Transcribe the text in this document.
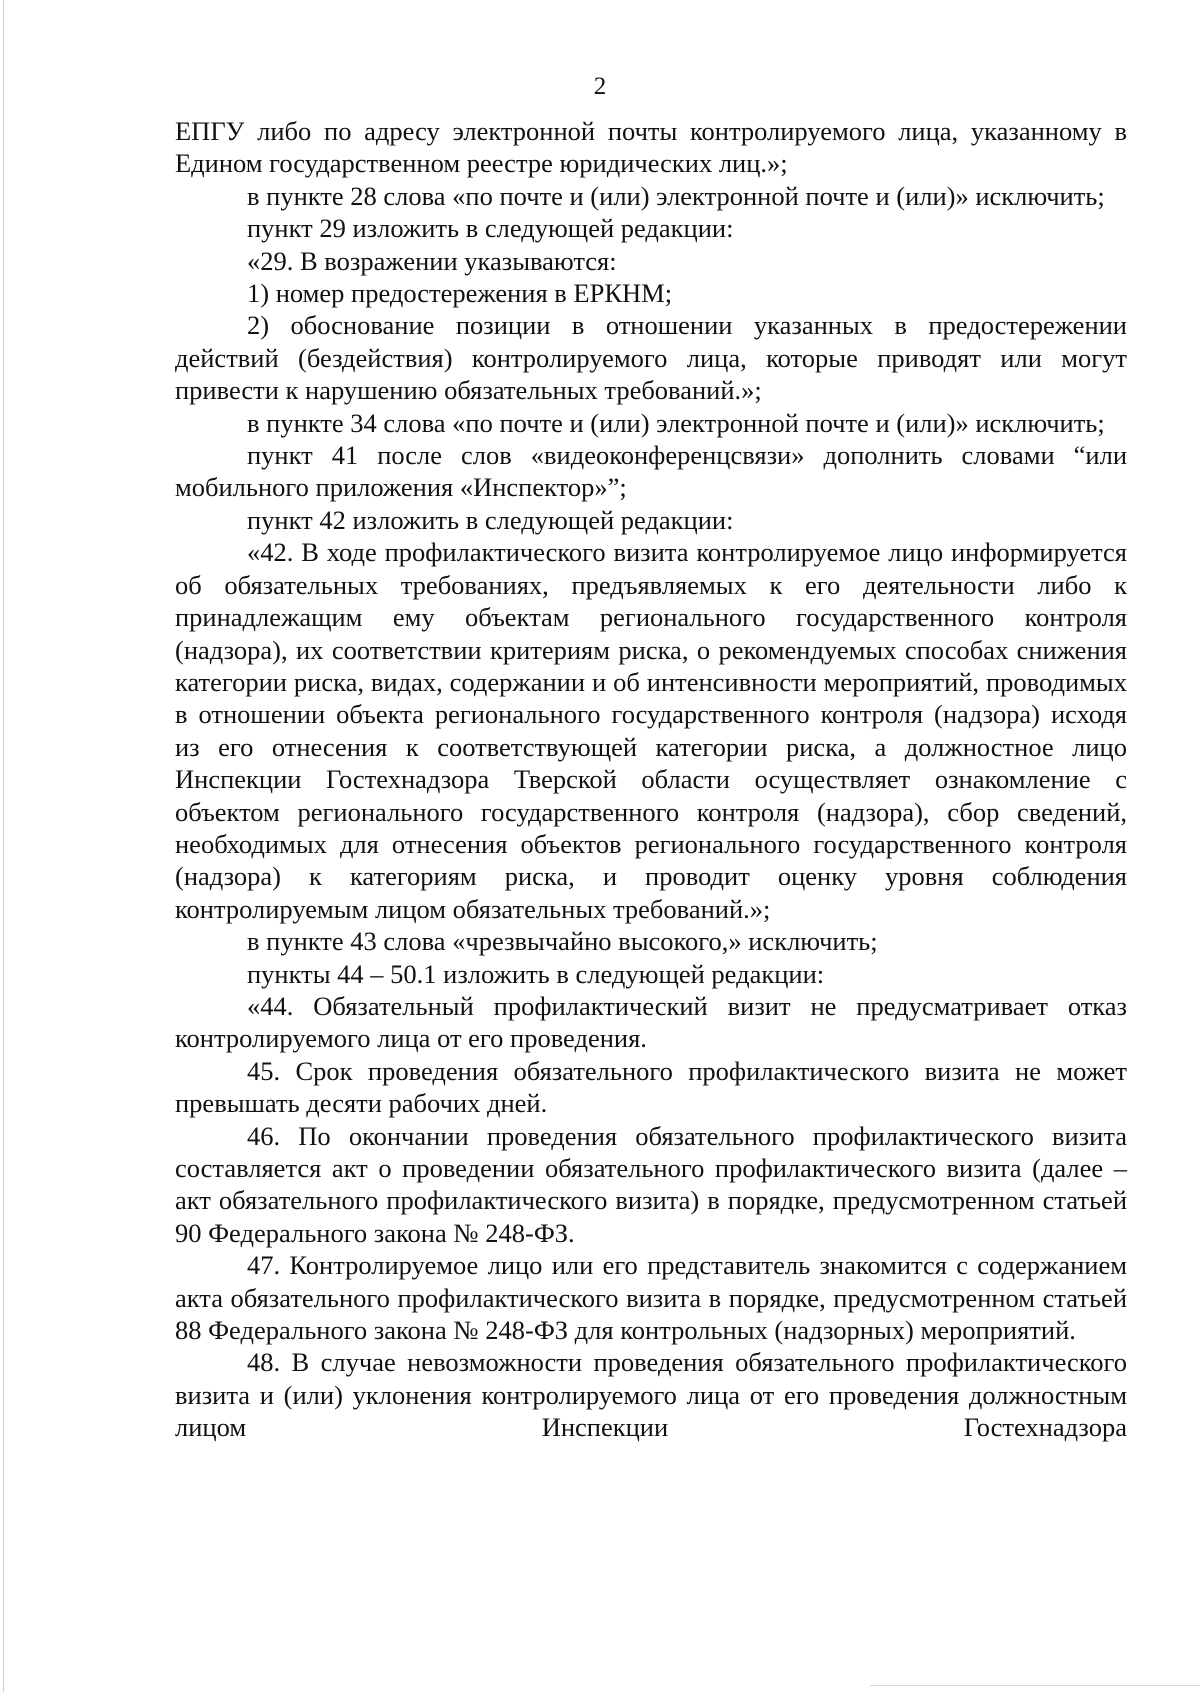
2

ЕПГУ либо по адресу электронной почты контролируемого лица, указанному в Едином государственном реестре юридических лиц.»;

в пункте 28 слова «по почте и (или) электронной почте и (или)» исключить;

пункт 29 изложить в следующей редакции:

«29. В возражении указываются:

1) номер предостережения в ЕРКНМ;

2) обоснование позиции в отношении указанных в предостережении действий (бездействия) контролируемого лица, которые приводят или могут привести к нарушению обязательных требований.»;

в пункте 34 слова «по почте и (или) электронной почте и (или)» исключить;

пункт 41 после слов «видеоконференцсвязи» дополнить словами “или мобильного приложения «Инспектор»”;

пункт 42 изложить в следующей редакции:

«42. В ходе профилактического визита контролируемое лицо информируется об обязательных требованиях, предъявляемых к его деятельности либо к принадлежащим ему объектам регионального государственного контроля (надзора), их соответствии критериям риска, о рекомендуемых способах снижения категории риска, видах, содержании и об интенсивности мероприятий, проводимых в отношении объекта регионального государственного контроля (надзора) исходя из его отнесения к соответствующей категории риска, а должностное лицо Инспекции Гостехнадзора Тверской области осуществляет ознакомление с объектом регионального государственного контроля (надзора), сбор сведений, необходимых для отнесения объектов регионального государственного контроля (надзора) к категориям риска, и проводит оценку уровня соблюдения контролируемым лицом обязательных требований.»;

в пункте 43 слова «чрезвычайно высокого,» исключить;

пункты 44 – 50.1 изложить в следующей редакции:

«44. Обязательный профилактический визит не предусматривает отказ контролируемого лица от его проведения.

45. Срок проведения обязательного профилактического визита не может превышать десяти рабочих дней.

46. По окончании проведения обязательного профилактического визита составляется акт о проведении обязательного профилактического визита (далее – акт обязательного профилактического визита) в порядке, предусмотренном статьей 90 Федерального закона № 248-ФЗ.

47. Контролируемое лицо или его представитель знакомится с содержанием акта обязательного профилактического визита в порядке, предусмотренном статьей 88 Федерального закона № 248-ФЗ для контрольных (надзорных) мероприятий.

48. В случае невозможности проведения обязательного профилактического визита и (или) уклонения контролируемого лица от его проведения должностным лицом Инспекции Гостехнадзора
